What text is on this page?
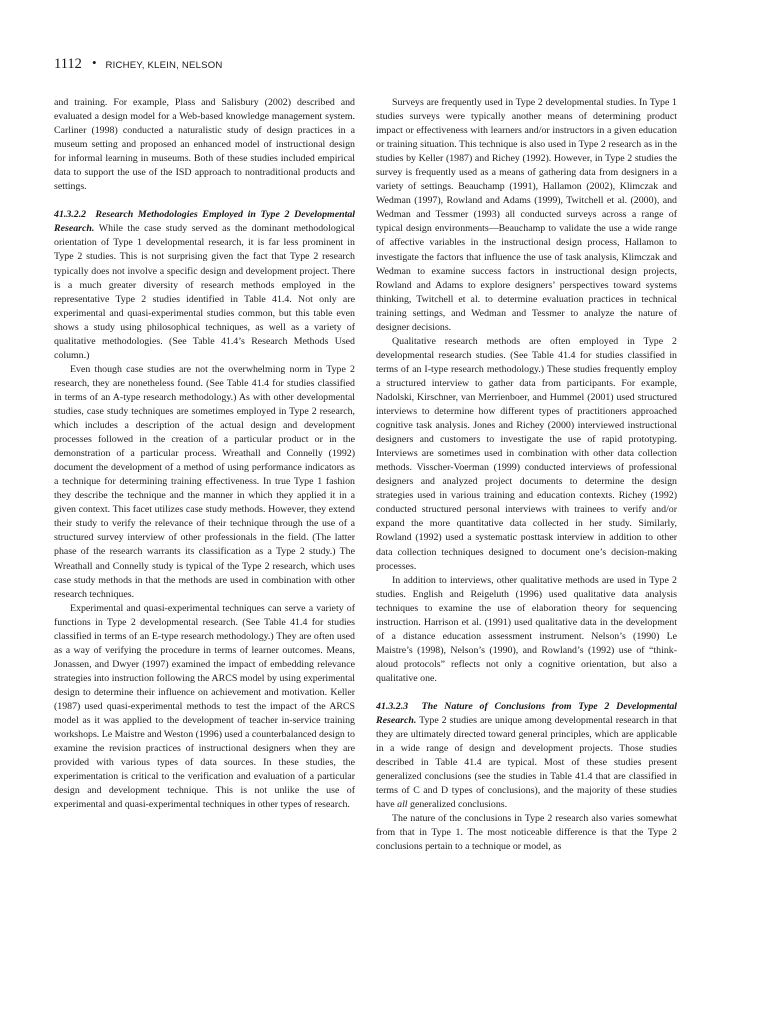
1112 • RICHEY, KLEIN, NELSON

and training. For example, Plass and Salisbury (2002) described and evaluated a design model for a Web-based knowledge management system. Carliner (1998) conducted a naturalistic study of design practices in a museum setting and proposed an enhanced model of instructional design for informal learning in museums. Both of these studies included empirical data to support the use of the ISD approach to nontraditional products and settings.

41.3.2.2 Research Methodologies Employed in Type 2 Developmental Research. While the case study served as the dominant methodological orientation of Type 1 developmental research, it is far less prominent in Type 2 studies. This is not surprising given the fact that Type 2 research typically does not involve a specific design and development project. There is a much greater diversity of research methods employed in the representative Type 2 studies identified in Table 41.4. Not only are experimental and quasi-experimental studies common, but this table even shows a study using philosophical techniques, as well as a variety of qualitative methodologies. (See Table 41.4’s Research Methods Used column.)

Even though case studies are not the overwhelming norm in Type 2 research, they are nonetheless found. (See Table 41.4 for studies classified in terms of an A-type research methodology.) As with other developmental studies, case study techniques are sometimes employed in Type 2 research, which includes a description of the actual design and development processes followed in the creation of a particular product or in the demonstration of a particular process. Wreathall and Connelly (1992) document the development of a method of using performance indicators as a technique for determining training effectiveness. In true Type 1 fashion they describe the technique and the manner in which they applied it in a given context. This facet utilizes case study methods. However, they extend their study to verify the relevance of their technique through the use of a structured survey interview of other professionals in the field. (The latter phase of the research warrants its classification as a Type 2 study.) The Wreathall and Connelly study is typical of the Type 2 research, which uses case study methods in that the methods are used in combination with other research techniques.

Experimental and quasi-experimental techniques can serve a variety of functions in Type 2 developmental research. (See Table 41.4 for studies classified in terms of an E-type research methodology.) They are often used as a way of verifying the procedure in terms of learner outcomes. Means, Jonassen, and Dwyer (1997) examined the impact of embedding relevance strategies into instruction following the ARCS model by using experimental design to determine their influence on achievement and motivation. Keller (1987) used quasi-experimental methods to test the impact of the ARCS model as it was applied to the development of teacher in-service training workshops. Le Maistre and Weston (1996) used a counterbalanced design to examine the revision practices of instructional designers when they are provided with various types of data sources. In these studies, the experimentation is critical to the verification and evaluation of a particular design and development technique. This is not unlike the use of experimental and quasi-experimental techniques in other types of research.

Surveys are frequently used in Type 2 developmental studies. In Type 1 studies surveys were typically another means of determining product impact or effectiveness with learners and/or instructors in a given education or training situation. This technique is also used in Type 2 research as in the studies by Keller (1987) and Richey (1992). However, in Type 2 studies the survey is frequently used as a means of gathering data from designers in a variety of settings. Beauchamp (1991), Hallamon (2002), Klimczak and Wedman (1997), Rowland and Adams (1999), Twitchell et al. (2000), and Wedman and Tessmer (1993) all conducted surveys across a range of typical design environments—Beauchamp to validate the use a wide range of affective variables in the instructional design process, Hallamon to investigate the factors that influence the use of task analysis, Klimczak and Wedman to examine success factors in instructional design projects, Rowland and Adams to explore designers’ perspectives toward systems thinking, Twitchell et al. to determine evaluation practices in technical training settings, and Wedman and Tessmer to analyze the nature of designer decisions.

Qualitative research methods are often employed in Type 2 developmental research studies. (See Table 41.4 for studies classified in terms of an I-type research methodology.) These studies frequently employ a structured interview to gather data from participants. For example, Nadolski, Kirschner, van Merrienboer, and Hummel (2001) used structured interviews to determine how different types of practitioners approached cognitive task analysis. Jones and Richey (2000) interviewed instructional designers and customers to investigate the use of rapid prototyping. Interviews are sometimes used in combination with other data collection methods. Visscher-Voerman (1999) conducted interviews of professional designers and analyzed project documents to determine the design strategies used in various training and education contexts. Richey (1992) conducted structured personal interviews with trainees to verify and/or expand the more quantitative data collected in her study. Similarly, Rowland (1992) used a systematic posttask interview in addition to other data collection techniques designed to document one’s decision-making processes.

In addition to interviews, other qualitative methods are used in Type 2 studies. English and Reigeluth (1996) used qualitative data analysis techniques to examine the use of elaboration theory for sequencing instruction. Harrison et al. (1991) used qualitative data in the development of a distance education assessment instrument. Nelson’s (1990) Le Maistre’s (1998), Nelson’s (1990), and Rowland’s (1992) use of “think-aloud protocols” reflects not only a cognitive orientation, but also a qualitative one.

41.3.2.3 The Nature of Conclusions from Type 2 Developmental Research. Type 2 studies are unique among developmental research in that they are ultimately directed toward general principles, which are applicable in a wide range of design and development projects. Those studies described in Table 41.4 are typical. Most of these studies present generalized conclusions (see the studies in Table 41.4 that are classified in terms of C and D types of conclusions), and the majority of these studies have all generalized conclusions.

The nature of the conclusions in Type 2 research also varies somewhat from that in Type 1. The most noticeable difference is that the Type 2 conclusions pertain to a technique or model, as
